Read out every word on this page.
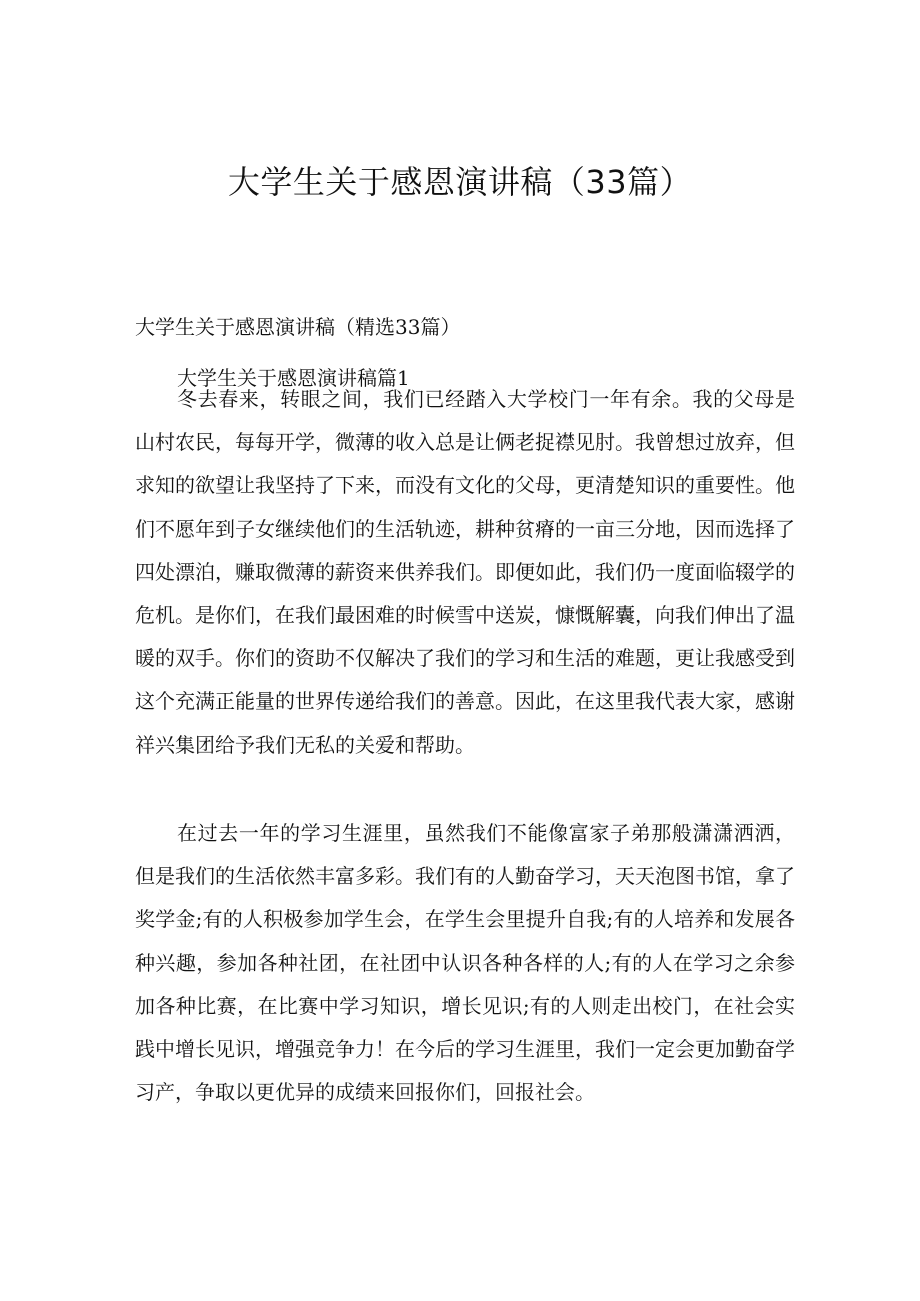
大学生关于感恩演讲稿（33篇）

大学生关于感恩演讲稿（精选33篇）

大学生关于感恩演讲稿篇1

冬去春来，转眼之间，我们已经踏入大学校门一年有余。我的父母是山村农民，每每开学，微薄的收入总是让俩老捉襟见肘。我曾想过放弃，但求知的欲望让我坚持了下来，而没有文化的父母，更清楚知识的重要性。他们不愿年到子女继续他们的生活轨迹，耕种贫瘠的一亩三分地，因而选择了四处漂泊，赚取微薄的薪资来供养我们。即便如此，我们仍一度面临辍学的危机。是你们，在我们最困难的时候雪中送炭，慷慨解囊，向我们伸出了温暖的双手。你们的资助不仅解决了我们的学习和生活的难题，更让我感受到这个充满正能量的世界传递给我们的善意。因此，在这里我代表大家，感谢祥兴集团给予我们无私的关爱和帮助。

在过去一年的学习生涯里，虽然我们不能像富家子弟那般潇潇洒洒，但是我们的生活依然丰富多彩。我们有的人勤奋学习，天天泡图书馆，拿了奖学金;有的人积极参加学生会，在学生会里提升自我;有的人培养和发展各种兴趣，参加各种社团，在社团中认识各种各样的人;有的人在学习之余参加各种比赛，在比赛中学习知识，增长见识;有的人则走出校门，在社会实践中增长见识，增强竞争力！在今后的学习生涯里，我们一定会更加勤奋学习产，争取以更优异的成绩来回报你们，回报社会。
